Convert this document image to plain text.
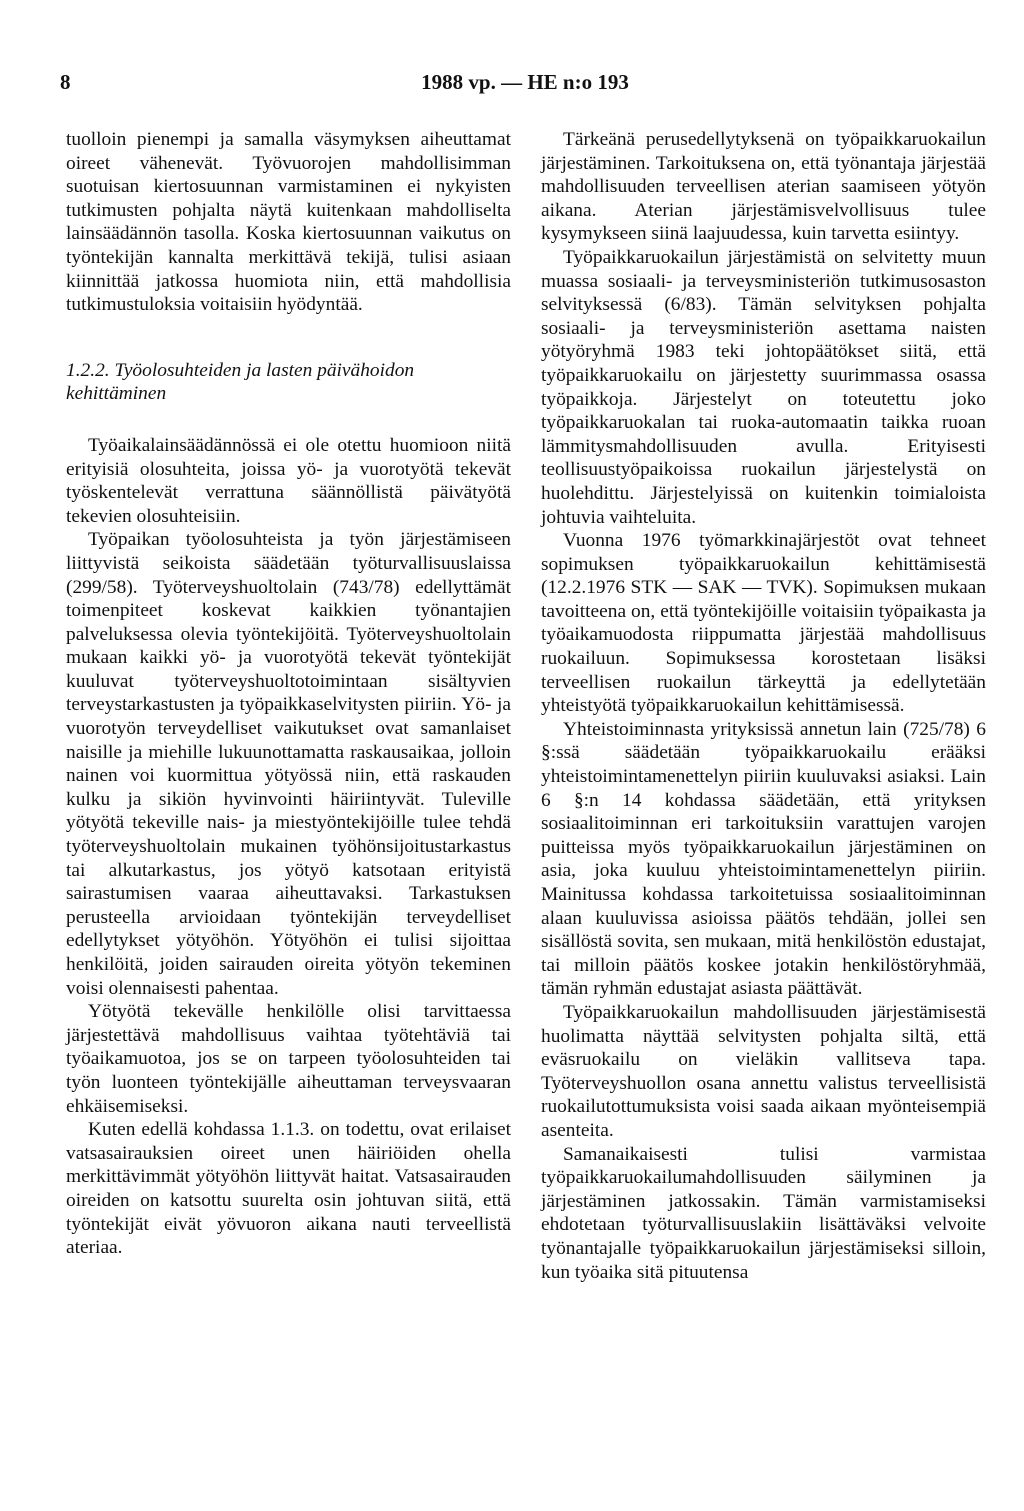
8	1988 vp. — HE n:o 193

tuolloin pienempi ja samalla väsymyksen aiheuttamat oireet vähenevät. Työvuorojen mahdollisimman suotuisan kiertosuunnan varmistaminen ei nykyisten tutkimusten pohjalta näytä kuitenkaan mahdolliselta lainsäädännön tasolla. Koska kiertosuunnan vaikutus on työntekijän kannalta merkittävä tekijä, tulisi asiaan kiinnittää jatkossa huomiota niin, että mahdollisia tutkimustuloksia voitaisiin hyödyntää.

1.2.2. Työolosuhteiden ja lasten päivähoidon kehittäminen

Työaikalainsäädännössä ei ole otettu huomioon niitä erityisiä olosuhteita, joissa yö- ja vuorotyötä tekevät työskentelevät verrattuna säännöllistä päivätyötä tekevien olosuhteisiin.

Työpaikan työolosuhteista ja työn järjestämiseen liittyvistä seikoista säädetään työturvallisuuslaissa (299/58). Työterveyshuoltolain (743/78) edellyttämät toimenpiteet koskevat kaikkien työnantajien palveluksessa olevia työntekijöitä. Työterveyshuoltolain mukaan kaikki yö- ja vuorotyötä tekevät työntekijät kuuluvat työterveyshuoltotoimintaan sisältyvien terveystarkastusten ja työpaikkaselvitysten piiriin. Yö- ja vuorotyön terveydelliset vaikutukset ovat samanlaiset naisille ja miehille lukuunottamatta raskausaikaa, jolloin nainen voi kuormittua yötyössä niin, että raskauden kulku ja sikiön hyvinvointi häiriintyvät. Tuleville yötyötä tekeville nais- ja miestyöntekijöille tulee tehdä työterveyshuoltolain mukainen työhönsijoitustarkastus tai alkutarkastus, jos yötyö katsotaan erityistä sairastumisen vaaraa aiheuttavaksi. Tarkastuksen perusteella arvioidaan työntekijän terveydelliset edellytykset yötyöhön. Yötyöhön ei tulisi sijoittaa henkilöitä, joiden sairauden oireita yötyön tekeminen voisi olennaisesti pahentaa.

Yötyötä tekevälle henkilölle olisi tarvittaessa järjestettävä mahdollisuus vaihtaa työtehtäviä tai työaikamuotoa, jos se on tarpeen työolosuhteiden tai työn luonteen työntekijälle aiheuttaman terveysvaaran ehkäisemiseksi.

Kuten edellä kohdassa 1.1.3. on todettu, ovat erilaiset vatsasairauksien oireet unen häiriöiden ohella merkittävimmät yötyöhön liittyvät haitat. Vatsasairauden oireiden on katsottu suurelta osin johtuvan siitä, että työntekijät eivät yövuoron aikana nauti terveellistä ateriaa.

Tärkeänä perusedellytyksenä on työpaikkaruokailun järjestäminen. Tarkoituksena on, että työnantaja järjestää mahdollisuuden terveellisen aterian saamiseen yötyön aikana. Aterian järjestämisvelvollisuus tulee kysymykseen siinä laajuudessa, kuin tarvetta esiintyy.

Työpaikkaruokailun järjestämistä on selvitetty muun muassa sosiaali- ja terveysministeriön tutkimusosaston selvityksessä (6/83). Tämän selvityksen pohjalta sosiaali- ja terveysministeriön asettama naisten yötyöryhmä 1983 teki johtopäätökset siitä, että työpaikkaruokailu on järjestetty suurimmassa osassa työpaikkoja. Järjestelyt on toteutettu joko työpaikkaruokalan tai ruoka-automaatin taikka ruoan lämmitysmahdollisuuden avulla. Erityisesti teollisuustyöpaikoissa ruokailun järjestelystä on huolehdittu. Järjestelyissä on kuitenkin toimialoista johtuvia vaihteluita.

Vuonna 1976 työmarkkinajärjestöt ovat tehneet sopimuksen työpaikkaruokailun kehittämisestä (12.2.1976 STK — SAK — TVK). Sopimuksen mukaan tavoitteena on, että työntekijöille voitaisiin työpaikasta ja työaikamuodosta riippumatta järjestää mahdollisuus ruokailuun. Sopimuksessa korostetaan lisäksi terveellisen ruokailun tärkeyttä ja edellytetään yhteistyötä työpaikkaruokailun kehittämisessä.

Yhteistoiminnasta yrityksissä annetun lain (725/78) 6 §:ssä säädetään työpaikkaruokailu erääksi yhteistoimintamenettelyn piiriin kuuluvaksi asiaksi. Lain 6 §:n 14 kohdassa säädetään, että yrityksen sosiaalitoiminnan eri tarkoituksiin varattujen varojen puitteissa myös työpaikkaruokailun järjestäminen on asia, joka kuuluu yhteistoimintamenettelyn piiriin. Mainitussa kohdassa tarkoitetuissa sosiaalitoiminnan alaan kuuluvissa asioissa päätös tehdään, jollei sen sisällöstä sovita, sen mukaan, mitä henkilöstön edustajat, tai milloin päätös koskee jotakin henkilöstöryhmää, tämän ryhmän edustajat asiasta päättävät.

Työpaikkaruokailun mahdollisuuden järjestämisestä huolimatta näyttää selvitysten pohjalta siltä, että eväsruokailu on vieläkin vallitseva tapa. Työterveyshuollon osana annettu valistus terveellisistä ruokailutottumuksista voisi saada aikaan myönteisempiä asenteita.

Samanaikaisesti tulisi varmistaa työpaikkaruokailumahdollisuuden säilyminen ja järjestäminen jatkossakin. Tämän varmistamiseksi ehdotetaan työturvallisuuslakiin lisättäväksi velvoite työnantajalle työpaikkaruokailun järjestämiseksi silloin, kun työaika sitä pituutensa
